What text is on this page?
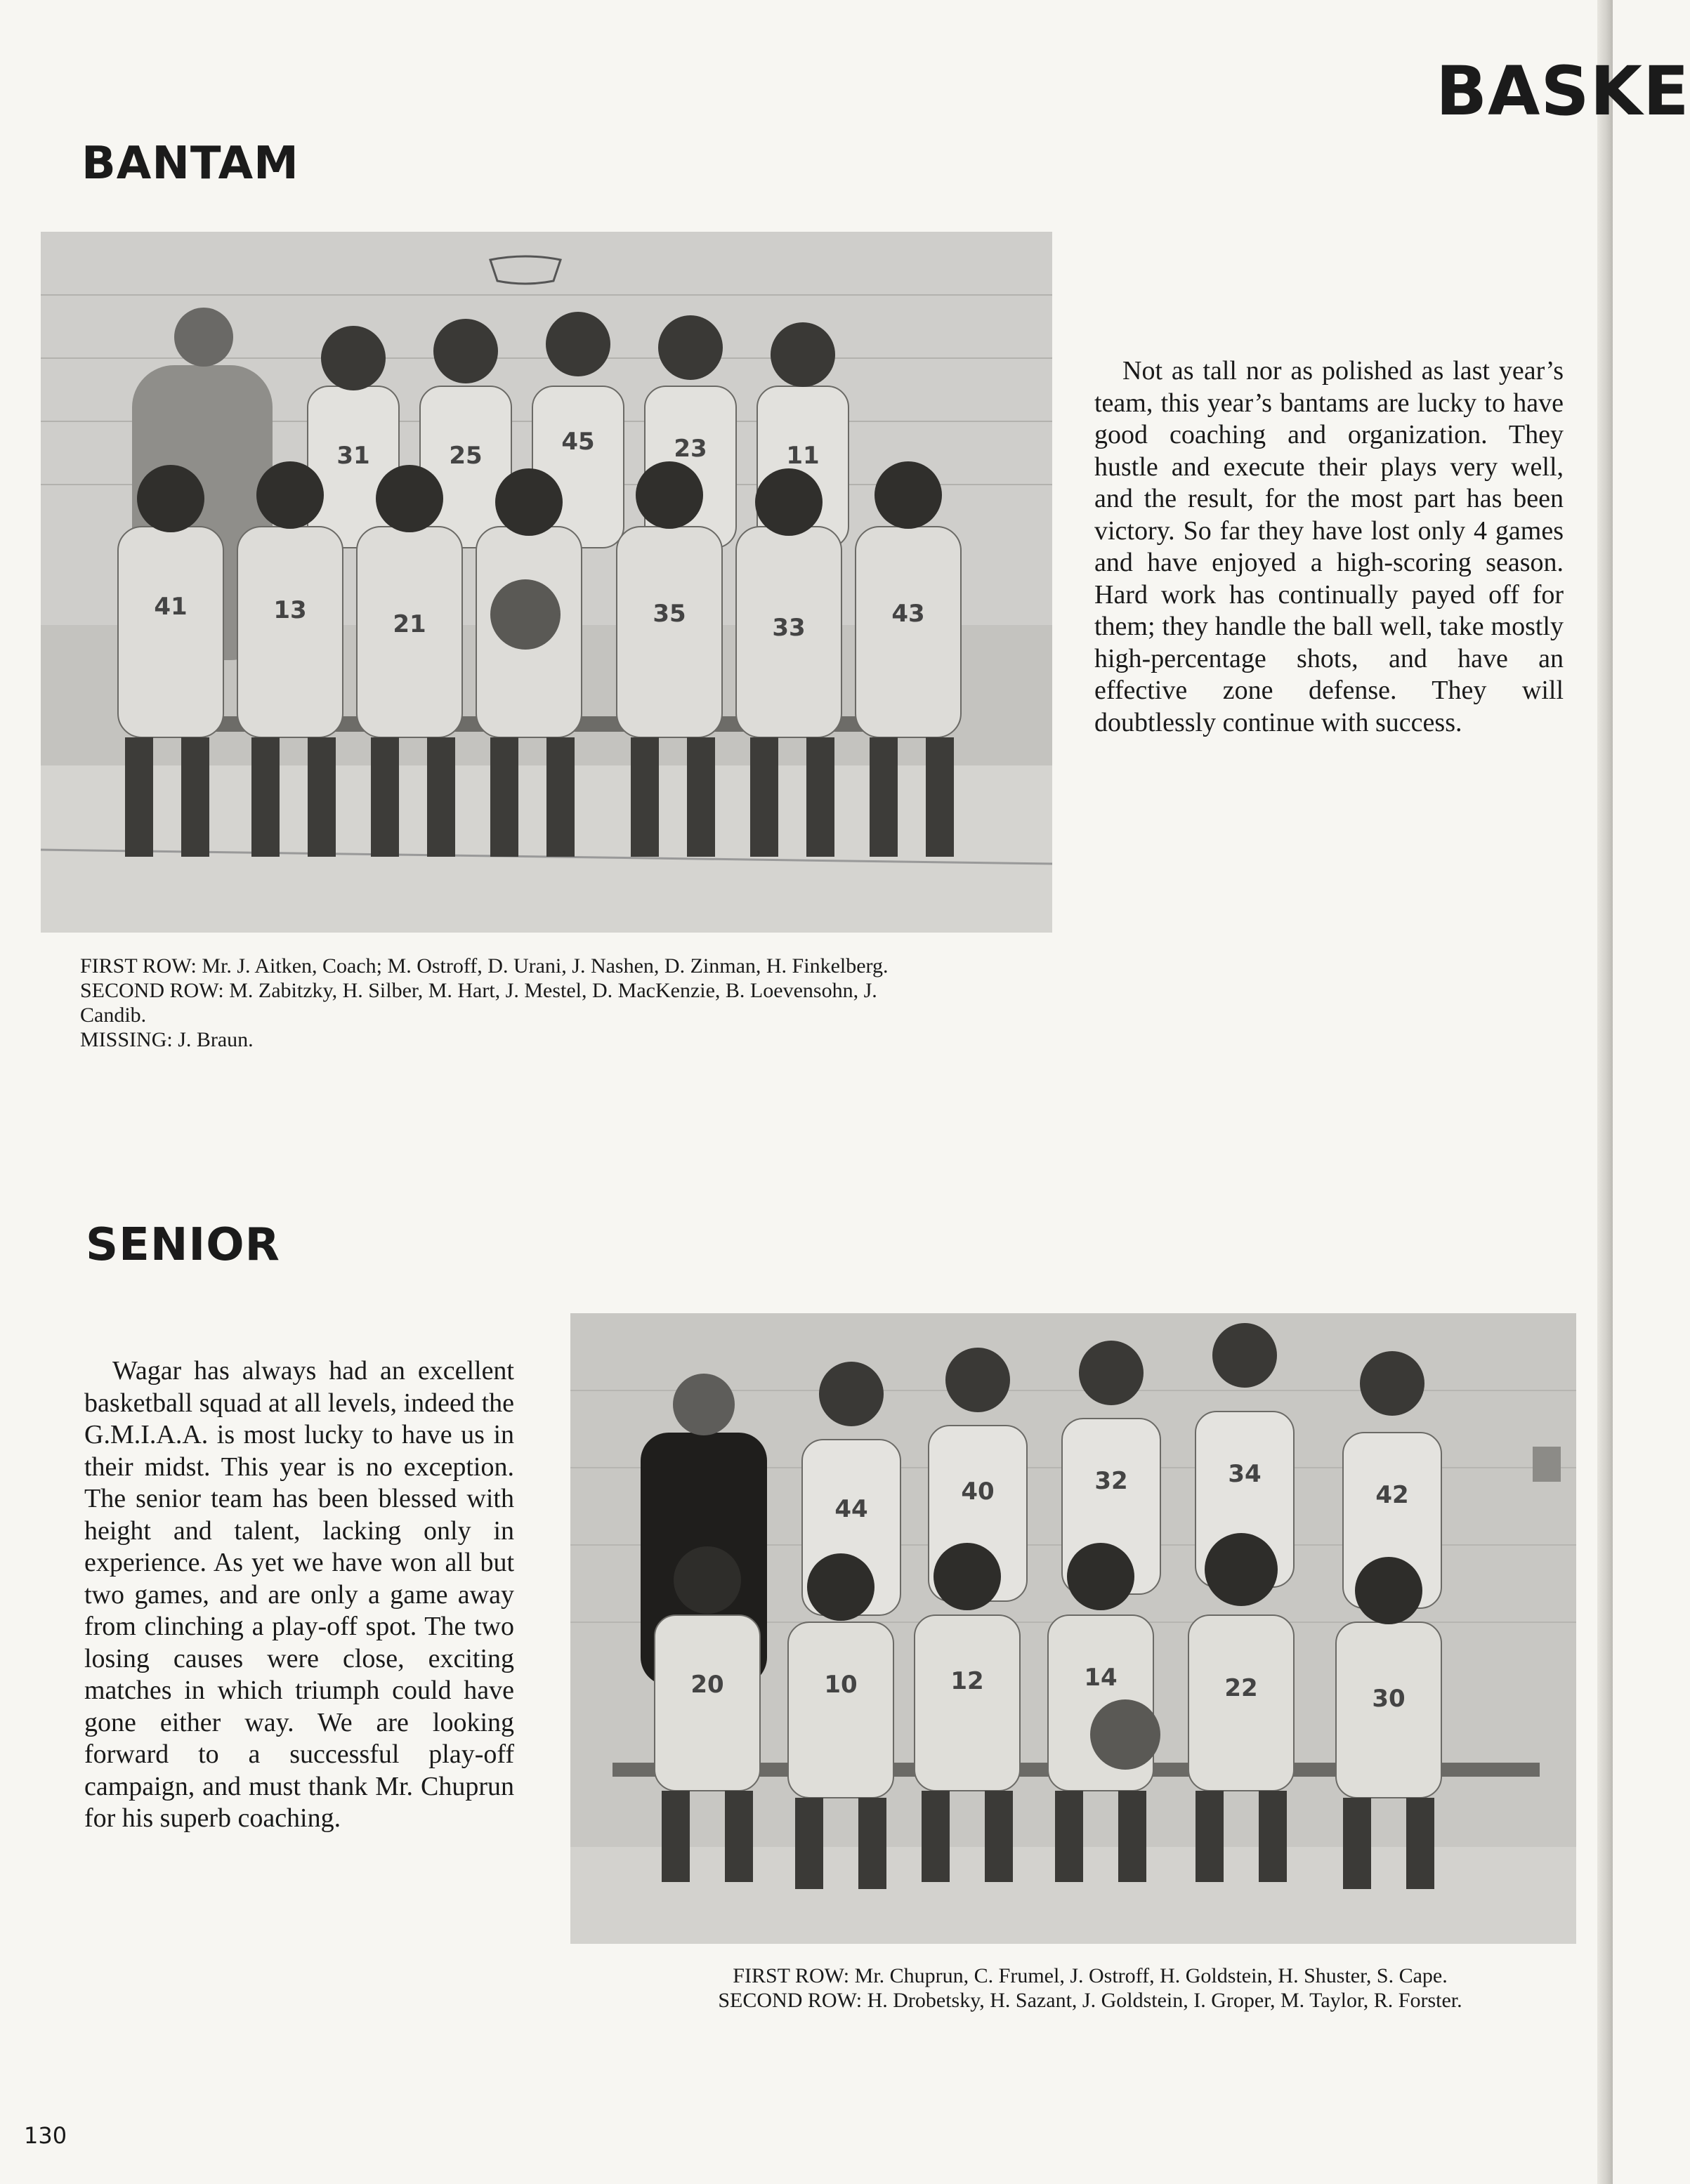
BASKE
BANTAM
31	25	45	23	11
41	13	21	35	33	43

Not as tall nor as polished as last year’s team, this year’s bantams are lucky to have good coaching and organization. They hustle and execute their plays very well, and the result, for the most part has been victory. So far they have lost only 4 games and have enjoyed a high-scoring season. Hard work has continually payed off for them; they handle the ball well, take mostly high-percentage shots, and have an effective zone defense. They will doubtlessly continue with success.

FIRST ROW: Mr. J. Aitken, Coach; M. Ostroff, D. Urani, J. Nashen, D. Zinman, H. Finkelberg.
SECOND ROW: M. Zabitzky, H. Silber, M. Hart, J. Mestel, D. MacKenzie, B. Loevensohn, J.
Candib.
MISSING: J. Braun.
SENIOR

Wagar has always had an excellent basketball squad at all levels, indeed the G.M.I.A.A. is most lucky to have us in their midst. This year is no exception. The senior team has been blessed with height and talent, lacking only in experience. As yet we have won all but two games, and are only a game away from clinching a play-off spot. The two losing causes were close, exciting matches in which triumph could have gone either way. We are looking forward to a successful play-off campaign, and must thank Mr. Chuprun for his superb coaching.

44
40	32	34
42
20	10	12	14	22	30
FIRST ROW: Mr. Chuprun, C. Frumel, J. Ostroff, H. Goldstein, H. Shuster, S. Cape.
SECOND ROW: H. Drobetsky, H. Sazant, J. Goldstein, I. Groper, M. Taylor, R. Forster.
130
